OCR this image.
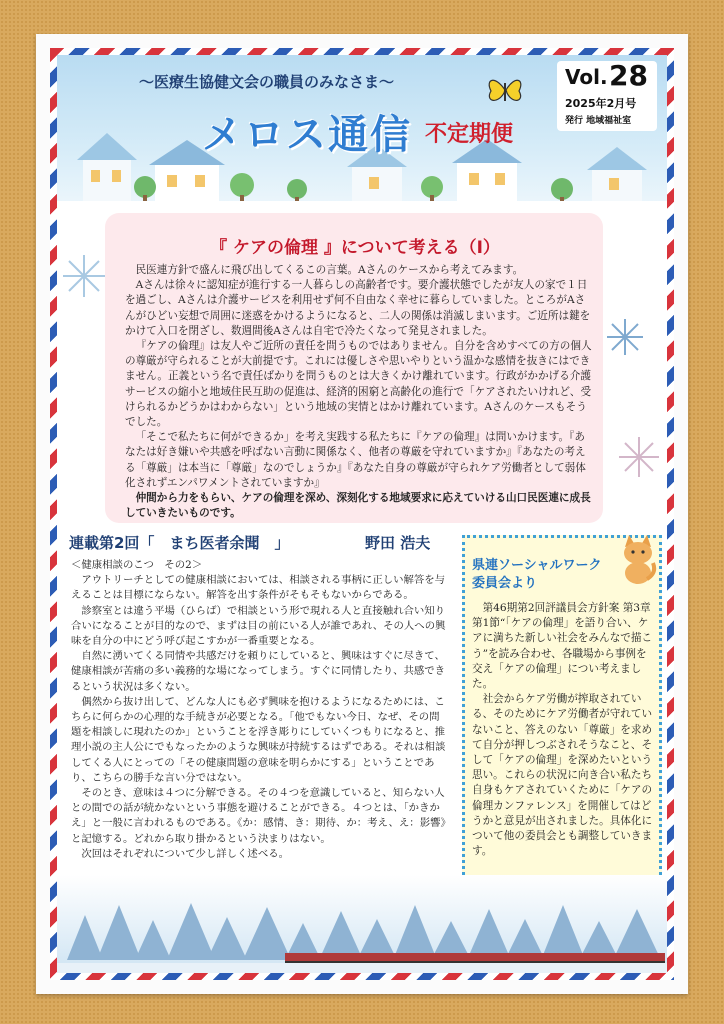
～医療生協健文会の職員のみなさま～
メロス通信 不定期便
Vol. 28
2025年2月号
発行 地域福祉室
『 ケアの倫理 』について考える（Ⅰ）

民医連方針で盛んに飛び出してくるこの言葉。Aさんのケースから考えてみます。

Aさんは徐々に認知症が進行する一人暮らしの高齢者です。要介護状態でしたが友人の家で１日を過ごし、Aさんは介護サービスを利用せず何不自由なく幸せに暮らしていました。ところがAさんがひどい妄想で周囲に迷惑をかけるようになると、二人の関係は消滅しまいます。ご近所は鍵をかけて入口を閉ざし、数週間後Aさんは自宅で冷たくなって発見されました。

『ケアの倫理』は友人やご近所の責任を問うものではありません。自分を含めすべての方の個人の尊厳が守られることが大前提です。これには優しさや思いやりという温かな感情を抜きにはできません。正義という名で責任ばかりを問うものとは大きくかけ離れています。行政がかかげる介護サービスの縮小と地域住民互助の促進は、経済的困窮と高齢化の進行で「ケアされたいけれど、受けられるかどうかはわからない」という地域の実情とはかけ離れています。Aさんのケースもそうでした。

「そこで私たちに何ができるか」を考え実践する私たちに『ケアの倫理』は問いかけます。『あなたは好き嫌いや共感を呼ばない言動に関係なく、他者の尊厳を守れていますか』『あなたの考える「尊厳」は本当に「尊厳」なのでしょうか』『あなた自身の尊厳が守られケア労働者として弱体化されずエンパワメントされていますか』

仲間から力をもらい、ケアの倫理を深め、深刻化する地域要求に応えていける山口民医連に成長していきたいものです。

連載第2回「　まち医者余聞　」	野田 浩夫

＜健康相談のこつ　その2＞

アウトリーチとしての健康相談においては、相談される事柄に正しい解答を与えることは目標にならない。解答を出す条件がそもそもないからである。

診察室とは違う平場（ひらば）で相談という形で現れる人と直接触れ合い知り合いになることが目的なので、まずは目の前にいる人が誰であれ、その人への興味を自分の中にどう呼び起こすかが一番重要となる。

自然に湧いてくる同情や共感だけを頼りにしていると、興味はすぐに尽きて、健康相談が苦痛の多い義務的な場になってしまう。すぐに同情したり、共感できるという状況は多くない。

偶然から抜け出して、どんな人にも必ず興味を抱けるようになるためには、こちらに何らかの心理的な手続きが必要となる。「他でもない今日、なぜ、その問題を相談しに現れたのか」ということを浮き彫りにしていくつもりになると、推理小説の主人公にでもなったかのような興味が持続するはずである。それは相談してくる人にとっての「その健康問題の意味を明らかにする」ということであり、こちらの勝手な言い分ではない。

そのとき、意味は４つに分解できる。その４つを意識していると、知らない人との間での話が続かないという事態を避けることができる。４つとは、「かきかえ」と一般に言われるものである。《か：感情、き：期待、か：考え、え：影響》と記憶する。どれから取り掛かるという決まりはない。

次回はそれぞれについて少し詳しく述べる。

県連ソーシャルワーク
委員会より

第46期第2回評議員会方針案 第3章第1節“「ケアの倫理」を語り合い、ケアに満ちた新しい社会をみんなで描こう”を読み合わせ、各職場から事例を交え「ケアの倫理」につい考えました。

社会からケア労働が搾取されている、そのためにケア労働者が守れていないこと、答えのない「尊厳」を求めて自分が押しつぶされそうなこと、そして「ケアの倫理」を深めたいという思い。これらの状況に向き合い私たち自身もケアされていくために「ケアの倫理カンファレンス」を開催してはどうかと意見が出されました。具体化について他の委員会とも調整していきます。
